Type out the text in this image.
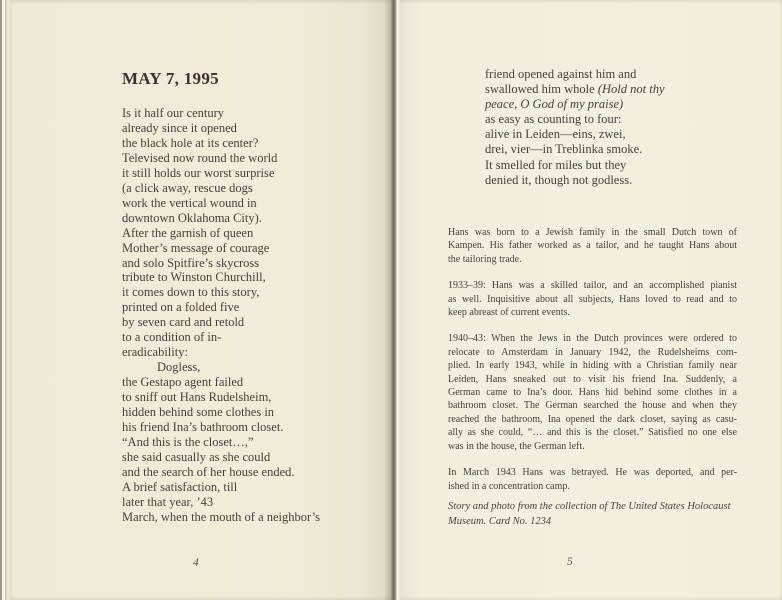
MAY 7, 1995
Is it half our century
already since it opened
the black hole at its center?
Televised now round the world
it still holds our worst surprise
(a click away, rescue dogs
work the vertical wound in
downtown Oklahoma City).
After the garnish of queen
Mother’s message of courage
and solo Spitfire’s skycross
tribute to Winston Churchill,
it comes down to this story,
printed on a folded five
by seven card and retold
to a condition of in-
eradicability:
Dogless,
the Gestapo agent failed
to sniff out Hans Rudelsheim,
hidden behind some clothes in
his friend Ina’s bathroom closet.
“And this is the closet…,”
she said casually as she could
and the search of her house ended.
A brief satisfaction, till
later that year, ’43
March, when the mouth of a neighbor’s
4
friend opened against him and
swallowed him whole (Hold not thy
peace, O God of my praise)
as easy as counting to four:
alive in Leiden—eins, zwei,
drei, vier—in Treblinka smoke.
It smelled for miles but they
denied it, though not godless.
Hans was born to a Jewish family in the small Dutch town of
Kampen. His father worked as a tailor, and he taught Hans about
the tailoring trade.
1933–39: Hans was a skilled tailor, and an accomplished pianist
as well. Inquisitive about all subjects, Hans loved to read and to
keep abreast of current events.
1940–43: When the Jews in the Dutch provinces were ordered to
relocate to Amsterdam in January 1942, the Rudelsheims com-
plied. In early 1943, while in hiding with a Christian family near
Leiden, Hans sneaked out to visit his friend Ina. Suddenly, a
German came to Ina’s door. Hans hid behind some clothes in a
bathroom closet. The German searched the house and when they
reached the bathroom, Ina opened the dark closet, saying as casu-
ally as she could, “… and this is the closet.” Satisfied no one else
was in the house, the German left.
In March 1943 Hans was betrayed. He was deported, and per-
ished in a concentration camp.
Story and photo from the collection of The United States Holocaust
Museum. Card No. 1234
5
